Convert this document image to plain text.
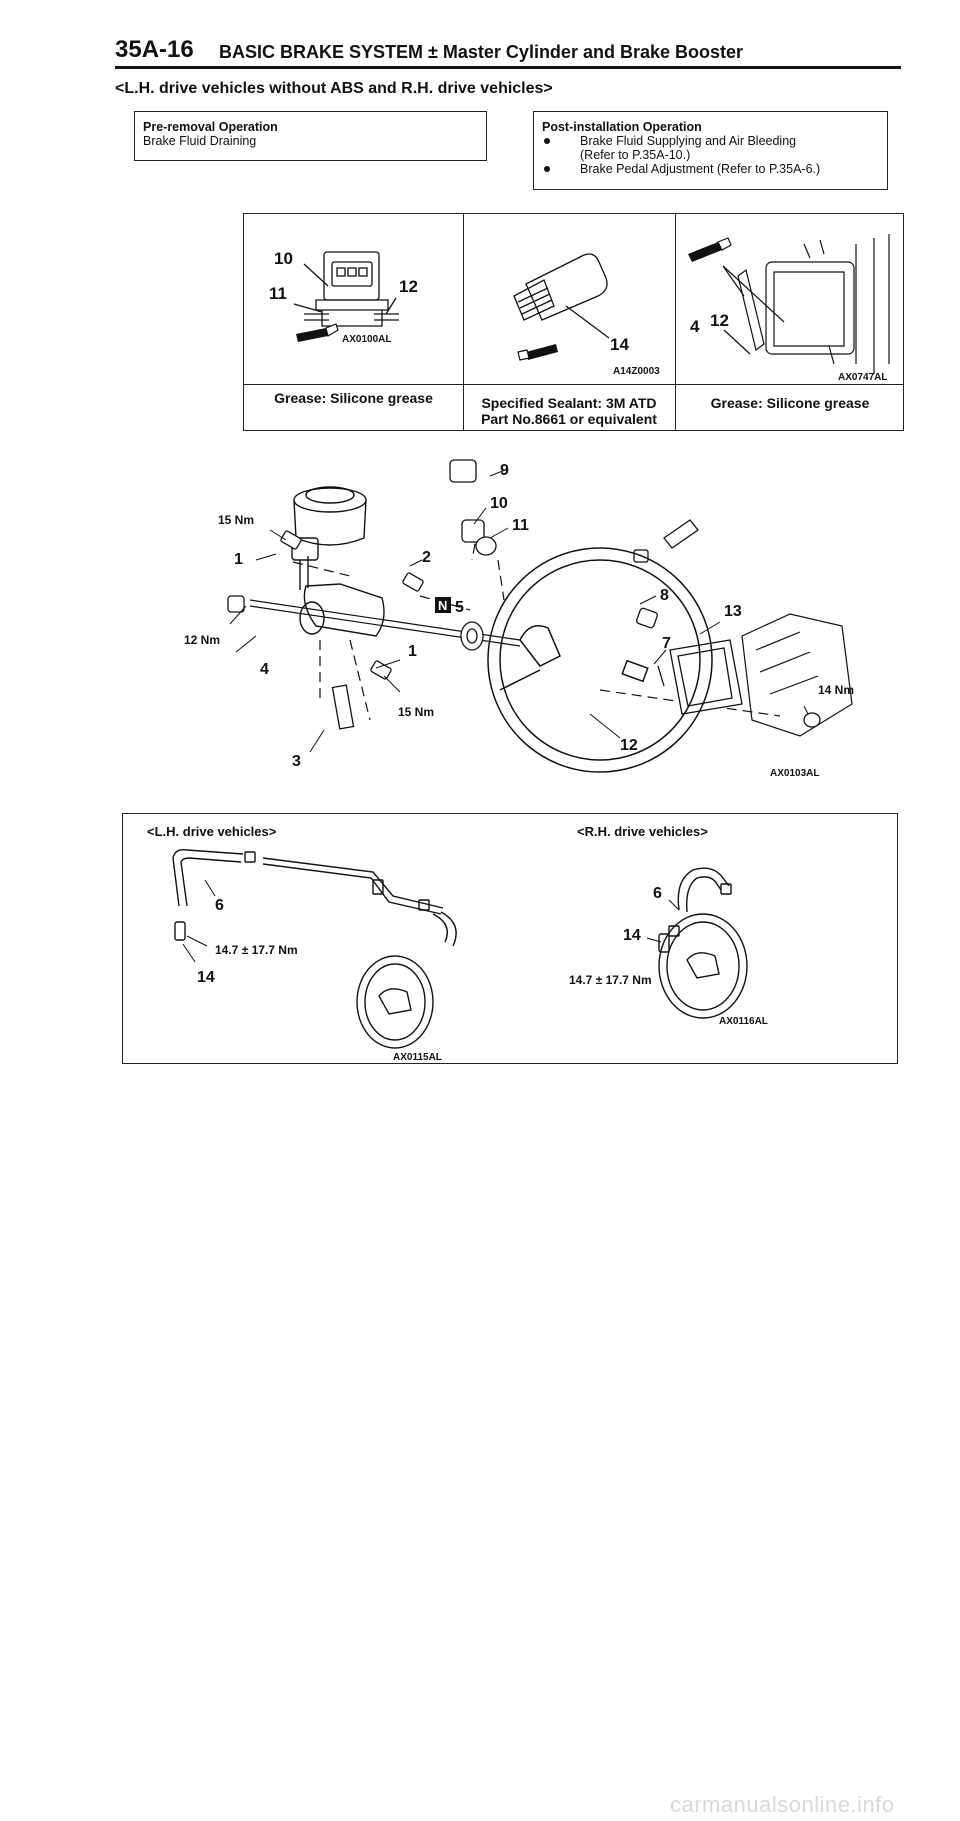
35A-16 BASIC BRAKE SYSTEM ± Master Cylinder and Brake Booster
<L.H. drive vehicles without ABS and R.H. drive vehicles>
Pre-removal Operation
Brake Fluid Draining
Post-installation Operation
Brake Fluid Supplying and Air Bleeding
(Refer to P.35A-10.)
Brake Pedal Adjustment (Refer to P.35A-6.)
10
11	12
AX0100AL	14
A14Z0003
4 12
AX0747AL
Grease: Silicone grease	Specified Sealant: 3M ATD
Part No.8661 or equivalent
Grease: Silicone grease
N
9
10
11
1	2
5
8
13
7
4
1
3
12
15 Nm
12 Nm
15 Nm
14 Nm
AX0103AL
<L.H. drive vehicles>	<R.H. drive vehicles>
6
14
14.7 ± 17.7 Nm
AX0115AL
6
14
14.7 ± 17.7 Nm
AX0116AL
carmanualsonline.info
